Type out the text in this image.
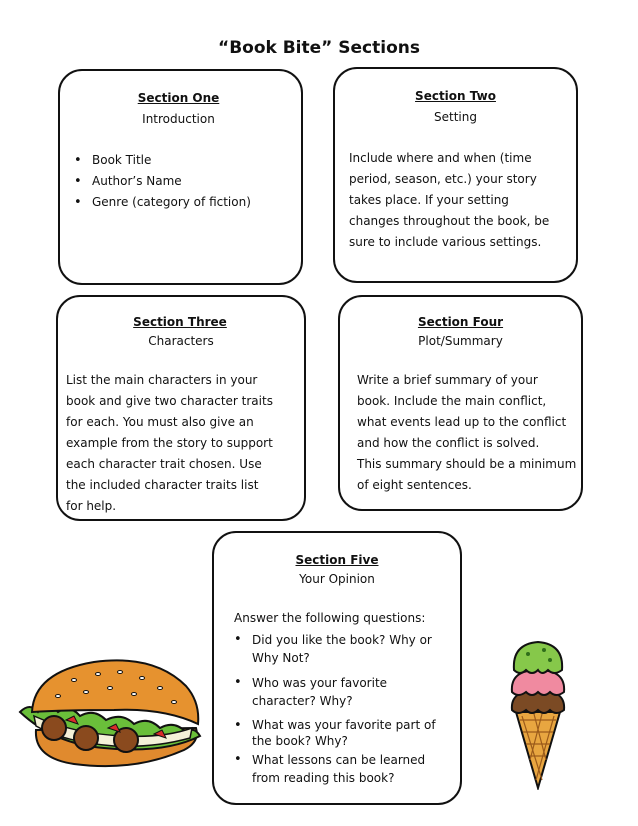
“Book Bite” Sections
Section One
Introduction
• Book Title
• Author’s Name
• Genre (category of fiction)
Section Two
Setting
Include where and when (time
period, season, etc.) your story
takes place. If your setting
changes throughout the book, be
sure to include various settings.
Section Three
Characters
List the main characters in your
book and give two character traits
for each. You must also give an
example from the story to support
each character trait chosen. Use
the included character traits list
for help.
Section Four
Plot/Summary
Write a brief summary of your
book. Include the main conflict,
what events lead up to the conflict
and how the conflict is solved.
This summary should be a minimum
of eight sentences.
Section Five
Your Opinion
Answer the following questions:
• Did you like the book? Why or
Why Not?
• Who was your favorite
character? Why?
• What was your favorite part of
the book? Why?
• What lessons can be learned
from reading this book?
